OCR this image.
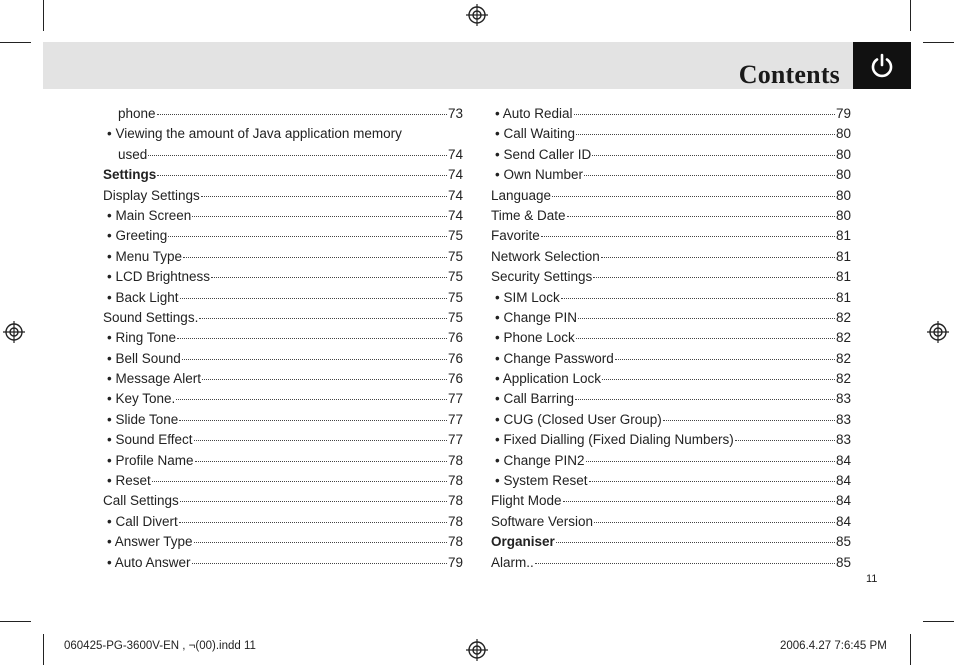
Contents
phone	73
• Viewing the amount of Java application memory
used	74
Settings	74
Display Settings	74
• Main Screen	74
• Greeting	75
• Menu Type	75
• LCD Brightness	75
• Back Light	75
Sound Settings.	75
• Ring Tone	76
• Bell Sound	76
• Message Alert	76
• Key Tone.	77
• Slide Tone	77
• Sound Effect	77
• Profile Name	78
• Reset	78
Call Settings	78
• Call Divert	78
• Answer Type	78
• Auto Answer	79
• Auto Redial	79
• Call Waiting	80
• Send Caller ID	80
• Own Number	80
Language	80
Time & Date	80
Favorite	81
Network Selection	81
Security Settings	81
• SIM Lock	81
• Change PIN	82
• Phone Lock	82
• Change Password	82
• Application Lock	82
• Call Barring	83
• CUG (Closed User Group)	83
• Fixed Dialling (Fixed Dialing Numbers)	83
• Change PIN2	84
• System Reset	84
Flight Mode	84
Software Version	84
Organiser	85
Alarm..	85
11
060425-PG-3600V-EN , ¬(00).indd 11	2006.4.27 7:6:45 PM
